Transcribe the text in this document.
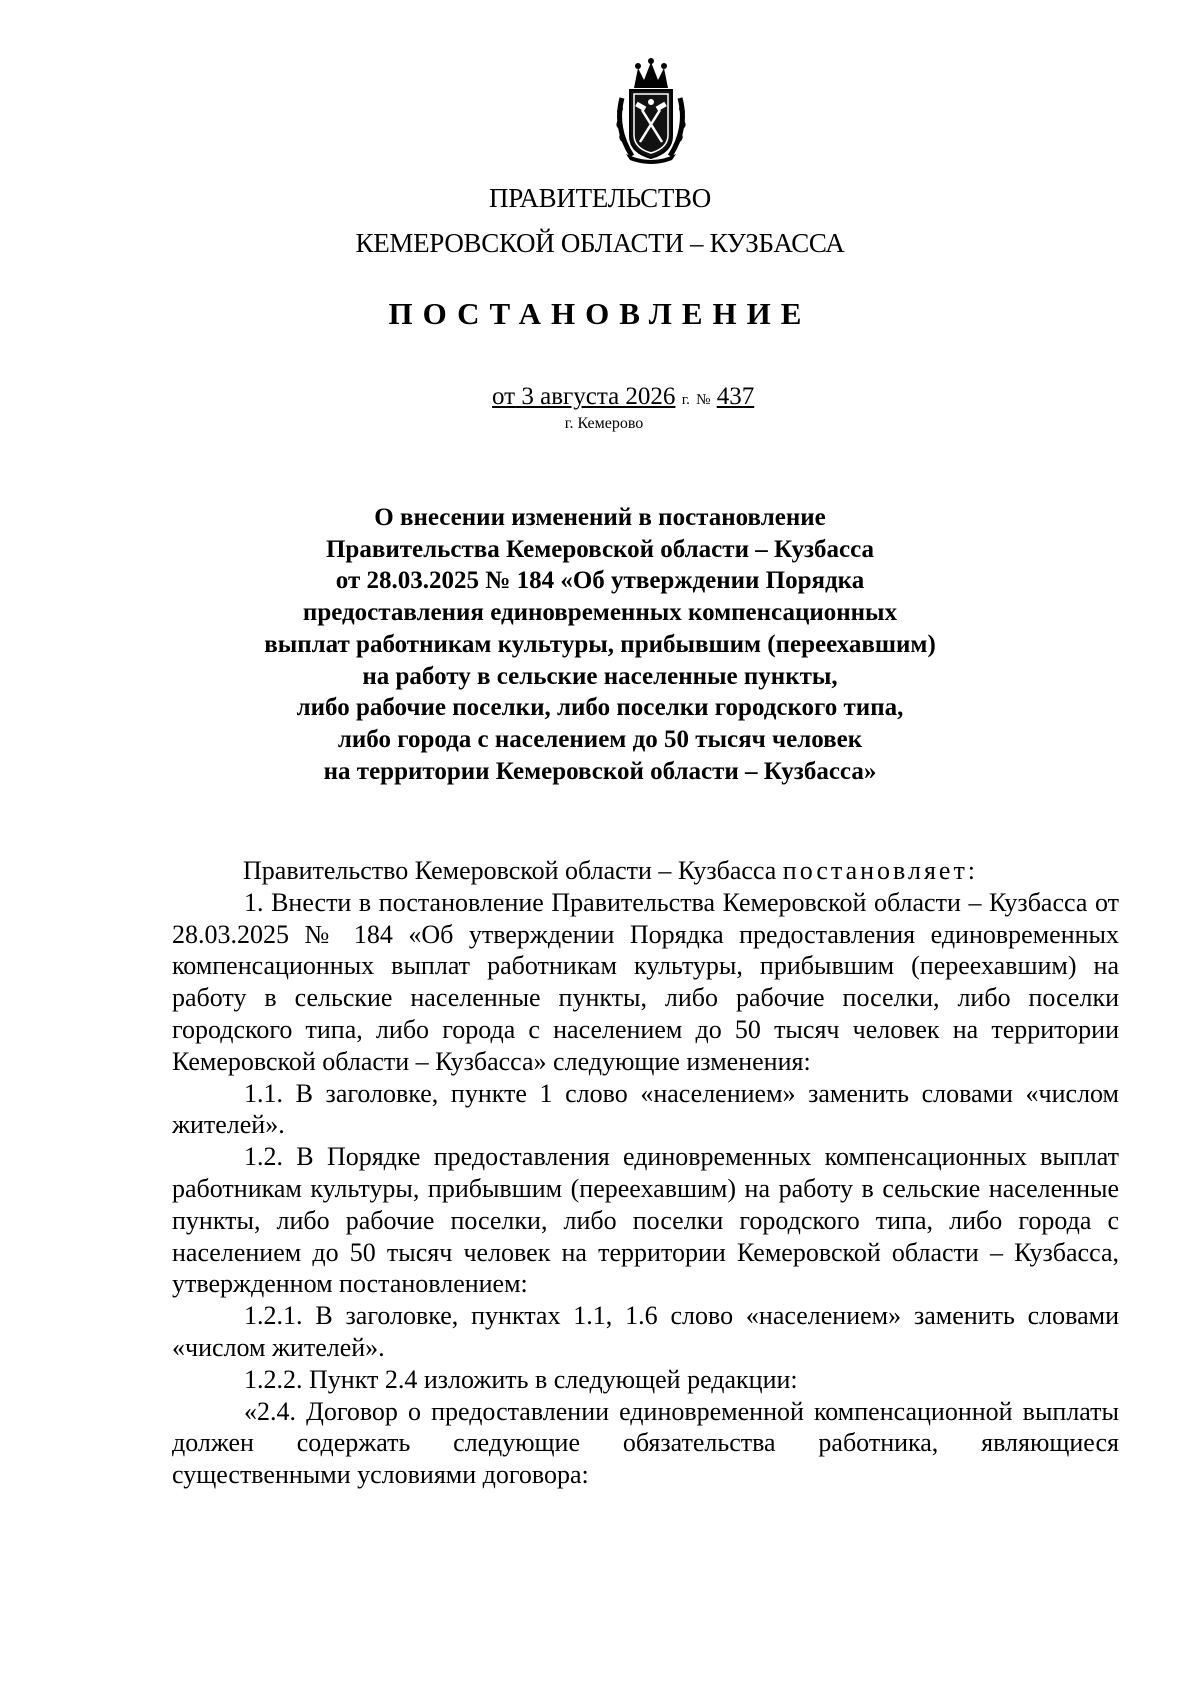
ПРАВИТЕЛЬСТВО
КЕМЕРОВСКОЙ ОБЛАСТИ – КУЗБАССА
ПОСТАНОВЛЕНИЕ
от 3 августа 2026 г. № 437
г. Кемерово
О внесении изменений в постановление
Правительства Кемеровской области – Кузбасса
от 28.03.2025 № 184 «Об утверждении Порядка
предоставления единовременных компенсационных
выплат работникам культуры, прибывшим (переехавшим)
на работу в сельские населенные пункты,
либо рабочие поселки, либо поселки городского типа,
либо города с населением до 50 тысяч человек
на территории Кемеровской области – Кузбасса»

Правительство Кемеровской области – Кузбасса постановляет:

1. Внести в постановление Правительства Кемеровской области – Кузбасса от 28.03.2025 № 184 «Об утверждении Порядка предоставления единовременных компенсационных выплат работникам культуры, прибывшим (переехавшим) на работу в сельские населенные пункты, либо рабочие поселки, либо поселки городского типа, либо города с населением до 50 тысяч человек на территории Кемеровской области – Кузбасса» следующие изменения:

1.1. В заголовке, пункте 1 слово «населением» заменить словами «числом жителей».

1.2. В Порядке предоставления единовременных компенсационных выплат работникам культуры, прибывшим (переехавшим) на работу в сельские населенные пункты, либо рабочие поселки, либо поселки городского типа, либо города с населением до 50 тысяч человек на территории Кемеровской области – Кузбасса, утвержденном постановлением:

1.2.1. В заголовке, пунктах 1.1, 1.6 слово «населением» заменить словами «числом жителей».

1.2.2. Пункт 2.4 изложить в следующей редакции:

«2.4. Договор о предоставлении единовременной компенсационной выплаты должен содержать следующие обязательства работника, являющиеся существенными условиями договора:
